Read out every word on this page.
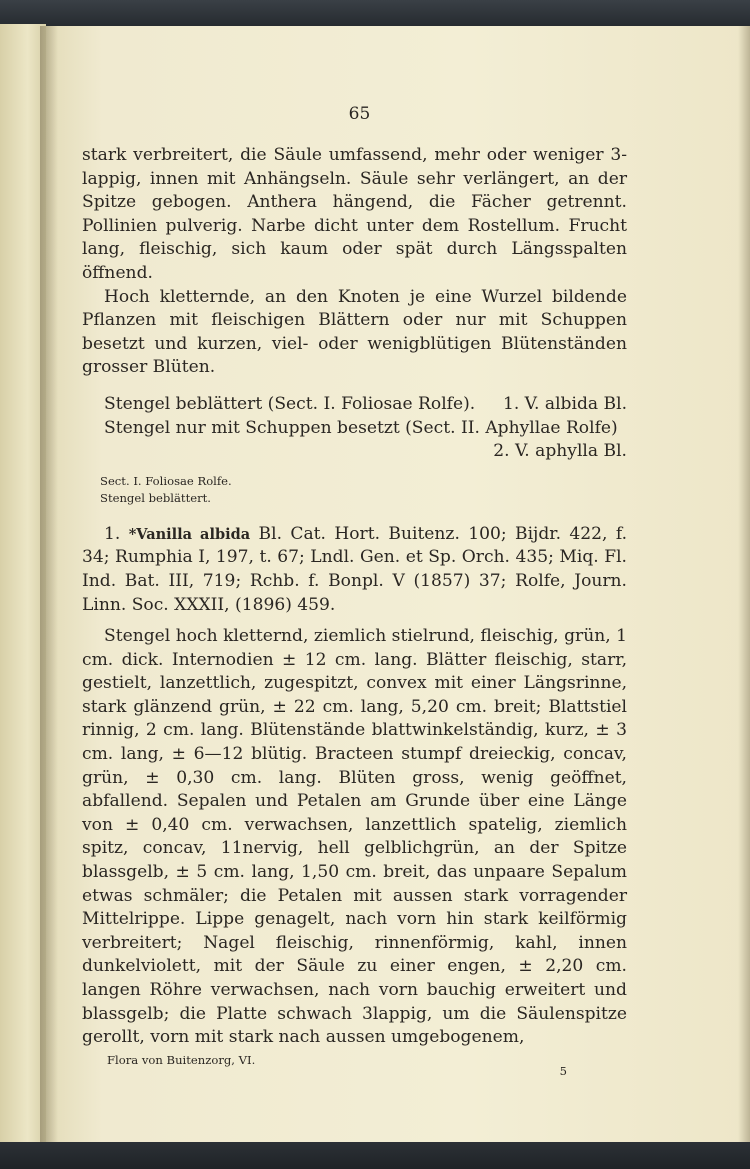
65

stark verbreitert, die Säule umfassend, mehr oder weniger 3-lappig, innen mit Anhängseln. Säule sehr verlängert, an der Spitze gebogen. Anthera hängend, die Fächer getrennt. Pollinien pulverig. Narbe dicht unter dem Rostellum. Frucht lang, fleischig, sich kaum oder spät durch Längsspalten öffnend.

Hoch kletternde, an den Knoten je eine Wurzel bildende Pflanzen mit fleischigen Blättern oder nur mit Schuppen besetzt und kurzen, viel- oder wenigblütigen Blütenständen grosser Blüten.

Stengel beblättert (Sect. I. Foliosae Rolfe). 1. V. albida Bl.
Stengel nur mit Schuppen besetzt (Sect. II. Aphyllae Rolfe)
2. V. aphylla Bl.
Sect. I. Foliosae Rolfe.
Stengel beblättert.

1. *Vanilla albida Bl. Cat. Hort. Buitenz. 100; Bijdr. 422, f. 34; Rumphia I, 197, t. 67; Lndl. Gen. et Sp. Orch. 435; Miq. Fl. Ind. Bat. III, 719; Rchb. f. Bonpl. V (1857) 37; Rolfe, Journ. Linn. Soc. XXXII, (1896) 459.

Stengel hoch kletternd, ziemlich stielrund, fleischig, grün, 1 cm. dick. Internodien ± 12 cm. lang. Blätter fleischig, starr, gestielt, lanzettlich, zugespitzt, convex mit einer Längsrinne, stark glänzend grün, ± 22 cm. lang, 5,20 cm. breit; Blattstiel rinnig, 2 cm. lang. Blütenstände blattwinkelständig, kurz, ± 3 cm. lang, ± 6—12 blütig. Bracteen stumpf dreieckig, concav, grün, ± 0,30 cm. lang. Blüten gross, wenig geöffnet, abfallend. Sepalen und Petalen am Grunde über eine Länge von ± 0,40 cm. verwachsen, lanzettlich spatelig, ziemlich spitz, concav, 11nervig, hell gelblichgrün, an der Spitze blassgelb, ± 5 cm. lang, 1,50 cm. breit, das unpaare Sepalum etwas schmäler; die Petalen mit aussen stark vorragender Mittelrippe. Lippe genagelt, nach vorn hin stark keilförmig verbreitert; Nagel fleischig, rinnenförmig, kahl, innen dunkelviolett, mit der Säule zu einer engen, ± 2,20 cm. langen Röhre verwachsen, nach vorn bauchig erweitert und blassgelb; die Platte schwach 3lappig, um die Säulenspitze gerollt, vorn mit stark nach aussen umgebogenem,

Flora von Buitenzorg, VI.
5
